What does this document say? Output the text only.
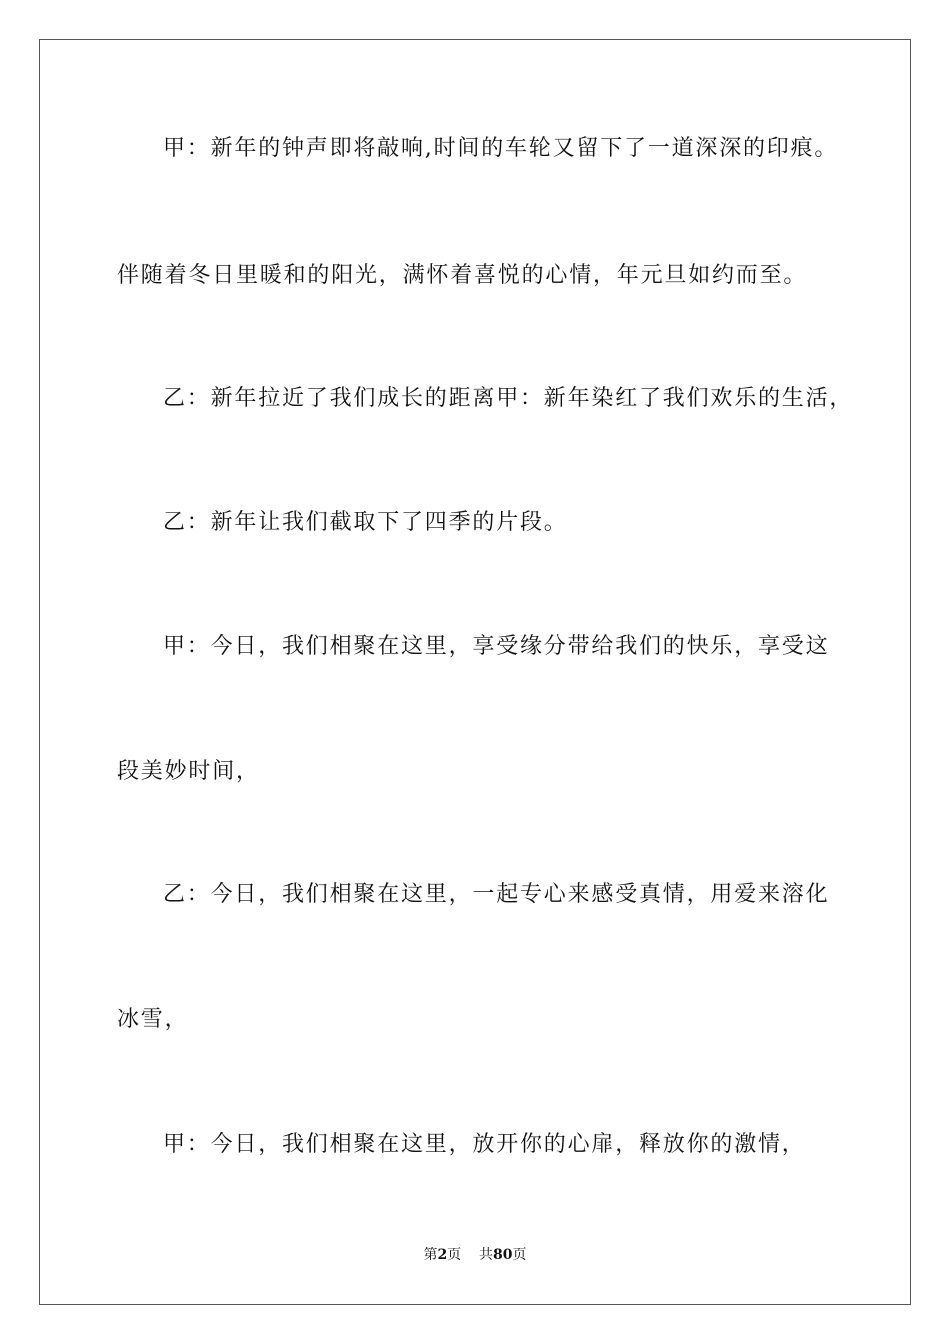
甲：新年的钟声即将敲响,时间的车轮又留下了一道深深的印痕。
伴随着冬日里暖和的阳光，满怀着喜悦的心情，年元旦如约而至。
乙：新年拉近了我们成长的距离甲：新年染红了我们欢乐的生活，
乙：新年让我们截取下了四季的片段。
甲：今日，我们相聚在这里，享受缘分带给我们的快乐，享受这
段美妙时间，
乙：今日，我们相聚在这里，一起专心来感受真情，用爱来溶化
冰雪，
甲：今日，我们相聚在这里，放开你的心扉，释放你的激情，
第2页 共80页
